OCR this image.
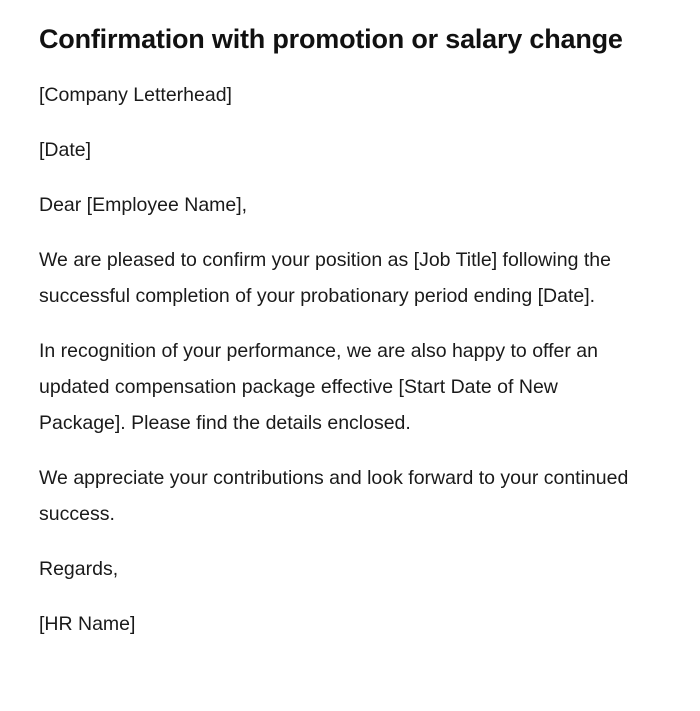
Confirmation with promotion or salary change

[Company Letterhead]

[Date]

Dear [Employee Name],

We are pleased to confirm your position as [Job Title] following the successful completion of your probationary period ending [Date].

In recognition of your performance, we are also happy to offer an updated compensation package effective [Start Date of New Package]. Please find the details enclosed.

We appreciate your contributions and look forward to your continued success.

Regards,

[HR Name]
